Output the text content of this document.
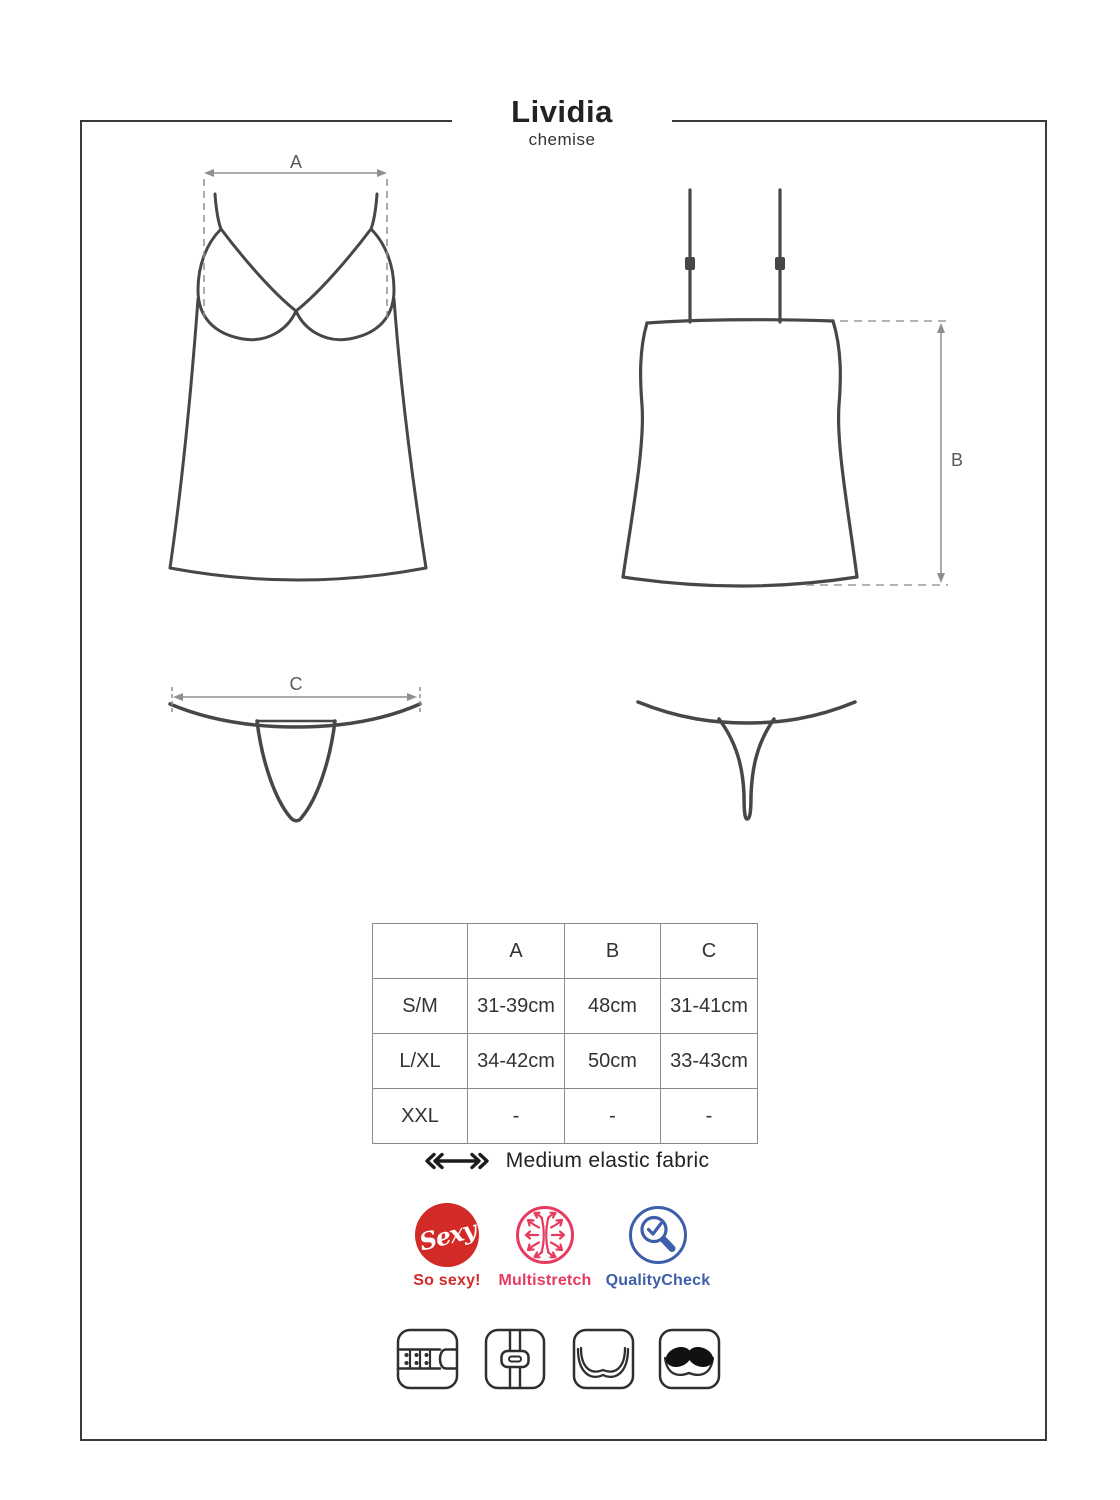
Lividia
chemise
A
B
C
	A	B	C
S/M	31-39cm	48cm	31-41cm
L/XL	34-42cm	50cm	33-43cm
XXL	-	-	-
Medium elastic fabric
Sexy
So sexy! Multistretch QualityCheck
